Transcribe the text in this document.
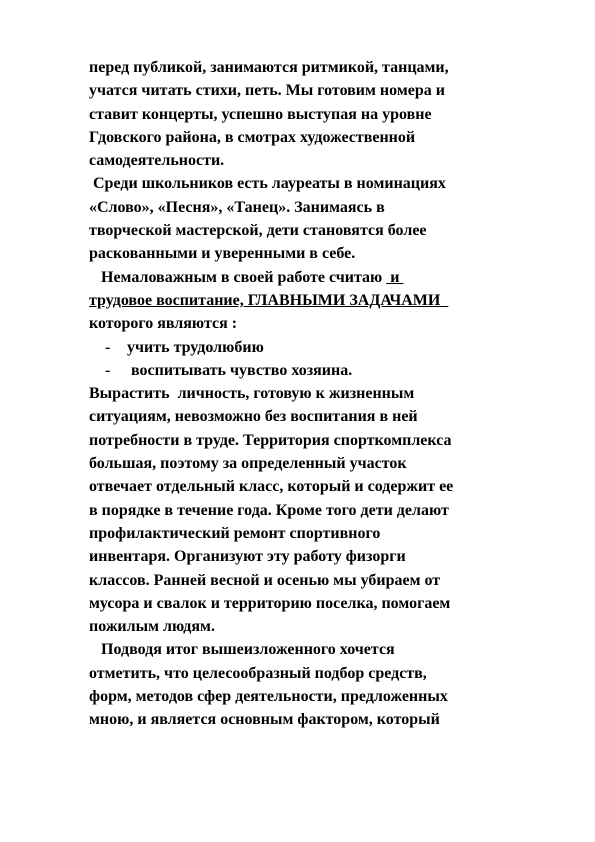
перед публикой, занимаются ритмикой, танцами,
учатся читать стихи, петь. Мы готовим номера и
ставит концерты, успешно выступая на уровне
Гдовского района, в смотрах художественной
самодеятельности.
Среди школьников есть лауреаты в номинациях
«Слово», «Песня», «Танец». Занимаясь в
творческой мастерской, дети становятся более
раскованными и уверенными в себе.
Немаловажным в своей работе считаю  и
трудовое воспитание, ГЛАВНЫМИ ЗАДАЧАМИ
которого являются :
- учить трудолюбию
- воспитывать чувство хозяина.
Вырастить  личность, готовую к жизненным
ситуациям, невозможно без воспитания в ней
потребности в труде. Территория спорткомплекса
большая, поэтому за определенный участок
отвечает отдельный класс, который и содержит ее
в порядке в течение года. Кроме того дети делают
профилактический ремонт спортивного
инвентаря. Организуют эту работу физорги
классов. Ранней весной и осенью мы убираем от
мусора и свалок и территорию поселка, помогаем
пожилым людям.
Подводя итог вышеизложенного хочется
отметить, что целесообразный подбор средств,
форм, методов сфер деятельности, предложенных
мною, и является основным фактором, который
